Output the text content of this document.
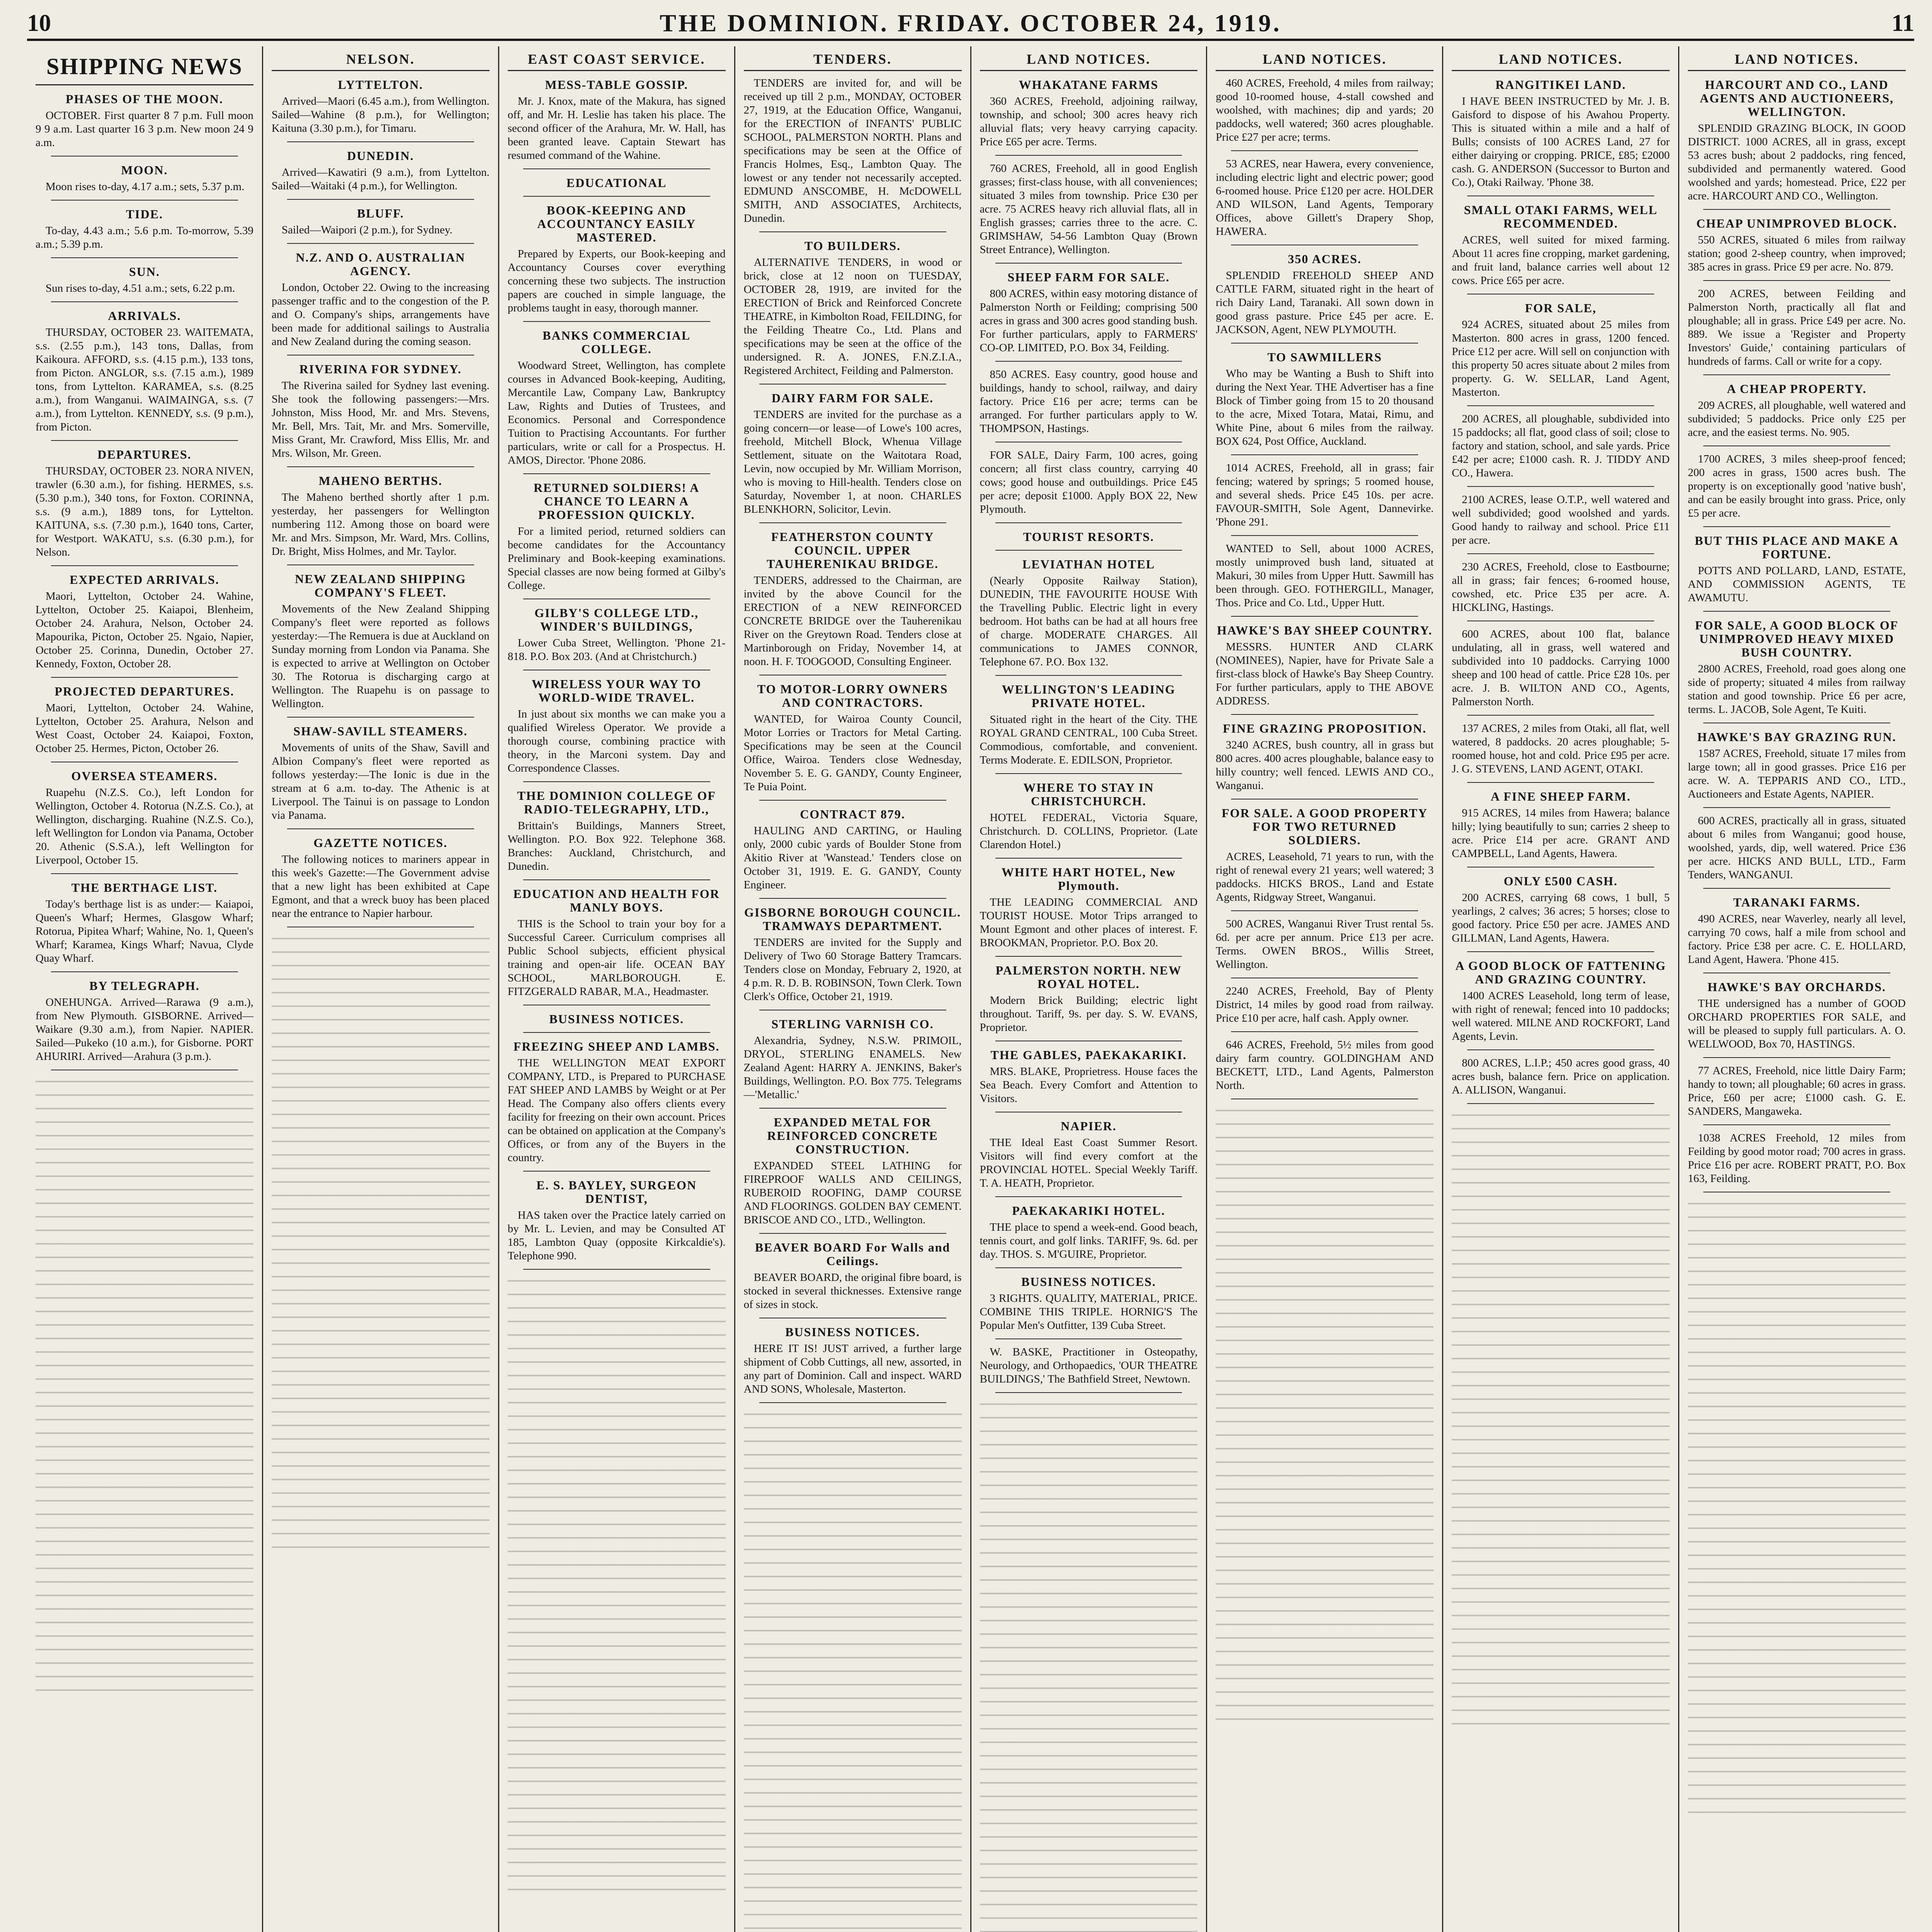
10	THE DOMINION. FRIDAY. OCTOBER 24, 1919.	11
SHIPPING NEWS
PHASES OF THE MOON.
OCTOBER. First quarter 8 7 p.m. Full moon 9 9 a.m. Last quarter 16 3 p.m. New moon 24 9 a.m.
MOON.
Moon rises to-day, 4.17 a.m.; sets, 5.37 p.m.
TIDE.
To-day, 4.43 a.m.; 5.6 p.m. To-morrow, 5.39 a.m.; 5.39 p.m.
SUN.
Sun rises to-day, 4.51 a.m.; sets, 6.22 p.m.
ARRIVALS.
THURSDAY, OCTOBER 23. WAITEMATA, s.s. (2.55 p.m.), 143 tons, Dallas, from Kaikoura. AFFORD, s.s. (4.15 p.m.), 133 tons, from Picton. ANGLOR, s.s. (7.15 a.m.), 1989 tons, from Lyttelton. KARAMEA, s.s. (8.25 a.m.), from Wanganui. WAIMAINGA, s.s. (7 a.m.), from Lyttelton. KENNEDY, s.s. (9 p.m.), from Picton.
DEPARTURES.
THURSDAY, OCTOBER 23. NORA NIVEN, trawler (6.30 a.m.), for fishing. HERMES, s.s. (5.30 p.m.), 340 tons, for Foxton. CORINNA, s.s. (9 a.m.), 1889 tons, for Lyttelton. KAITUNA, s.s. (7.30 p.m.), 1640 tons, Carter, for Westport. WAKATU, s.s. (6.30 p.m.), for Nelson.
EXPECTED ARRIVALS.
Maori, Lyttelton, October 24. Wahine, Lyttelton, October 25. Kaiapoi, Blenheim, October 24. Arahura, Nelson, October 24. Mapourika, Picton, October 25. Ngaio, Napier, October 25. Corinna, Dunedin, October 27. Kennedy, Foxton, October 28.
PROJECTED DEPARTURES.
Maori, Lyttelton, October 24. Wahine, Lyttelton, October 25. Arahura, Nelson and West Coast, October 24. Kaiapoi, Foxton, October 25. Hermes, Picton, October 26.
OVERSEA STEAMERS.
Ruapehu (N.Z.S. Co.), left London for Wellington, October 4. Rotorua (N.Z.S. Co.), at Wellington, discharging. Ruahine (N.Z.S. Co.), left Wellington for London via Panama, October 20. Athenic (S.S.A.), left Wellington for Liverpool, October 15.
THE BERTHAGE LIST.
Today's berthage list is as under:— Kaiapoi, Queen's Wharf; Hermes, Glasgow Wharf; Rotorua, Pipitea Wharf; Wahine, No. 1, Queen's Wharf; Karamea, Kings Wharf; Navua, Clyde Quay Wharf.
BY TELEGRAPH.
ONEHUNGA. Arrived—Rarawa (9 a.m.), from New Plymouth. GISBORNE. Arrived—Waikare (9.30 a.m.), from Napier. NAPIER. Sailed—Pukeko (10 a.m.), for Gisborne. PORT AHURIRI. Arrived—Arahura (3 p.m.).
NELSON.
LYTTELTON.
Arrived—Maori (6.45 a.m.), from Wellington. Sailed—Wahine (8 p.m.), for Wellington; Kaituna (3.30 p.m.), for Timaru.
DUNEDIN.
Arrived—Kawatiri (9 a.m.), from Lyttelton. Sailed—Waitaki (4 p.m.), for Wellington.
BLUFF.
Sailed—Waipori (2 p.m.), for Sydney.
N.Z. AND O. AUSTRALIAN AGENCY.
London, October 22. Owing to the increasing passenger traffic and to the congestion of the P. and O. Company's ships, arrangements have been made for additional sailings to Australia and New Zealand during the coming season.
RIVERINA FOR SYDNEY.
The Riverina sailed for Sydney last evening. She took the following passengers:—Mrs. Johnston, Miss Hood, Mr. and Mrs. Stevens, Mr. Bell, Mrs. Tait, Mr. and Mrs. Somerville, Miss Grant, Mr. Crawford, Miss Ellis, Mr. and Mrs. Wilson, Mr. Green.
MAHENO BERTHS.
The Maheno berthed shortly after 1 p.m. yesterday, her passengers for Wellington numbering 112. Among those on board were Mr. and Mrs. Simpson, Mr. Ward, Mrs. Collins, Dr. Bright, Miss Holmes, and Mr. Taylor.
NEW ZEALAND SHIPPING COMPANY'S FLEET.
Movements of the New Zealand Shipping Company's fleet were reported as follows yesterday:—The Remuera is due at Auckland on Sunday morning from London via Panama. She is expected to arrive at Wellington on October 30. The Rotorua is discharging cargo at Wellington. The Ruapehu is on passage to Wellington.
SHAW-SAVILL STEAMERS.
Movements of units of the Shaw, Savill and Albion Company's fleet were reported as follows yesterday:—The Ionic is due in the stream at 6 a.m. to-day. The Athenic is at Liverpool. The Tainui is on passage to London via Panama.
GAZETTE NOTICES.
The following notices to mariners appear in this week's Gazette:—The Government advise that a new light has been exhibited at Cape Egmont, and that a wreck buoy has been placed near the entrance to Napier harbour.
EAST COAST SERVICE.
MESS-TABLE GOSSIP.
Mr. J. Knox, mate of the Makura, has signed off, and Mr. H. Leslie has taken his place. The second officer of the Arahura, Mr. W. Hall, has been granted leave. Captain Stewart has resumed command of the Wahine.
EDUCATIONAL
BOOK-KEEPING AND ACCOUNTANCY EASILY MASTERED.
Prepared by Experts, our Book-keeping and Accountancy Courses cover everything concerning these two subjects. The instruction papers are couched in simple language, the problems taught in easy, thorough manner.
BANKS COMMERCIAL COLLEGE.
Woodward Street, Wellington, has complete courses in Advanced Book-keeping, Auditing, Mercantile Law, Company Law, Bankruptcy Law, Rights and Duties of Trustees, and Economics. Personal and Correspondence Tuition to Practising Accountants. For further particulars, write or call for a Prospectus. H. AMOS, Director. 'Phone 2086.
RETURNED SOLDIERS! A CHANCE TO LEARN A PROFESSION QUICKLY.
For a limited period, returned soldiers can become candidates for the Accountancy Preliminary and Book-keeping examinations. Special classes are now being formed at Gilby's College.
GILBY'S COLLEGE LTD., WINDER'S BUILDINGS,
Lower Cuba Street, Wellington. 'Phone 21-818. P.O. Box 203. (And at Christchurch.)
WIRELESS YOUR WAY TO WORLD-WIDE TRAVEL.
In just about six months we can make you a qualified Wireless Operator. We provide a thorough course, combining practice with theory, in the Marconi system. Day and Correspondence Classes.
THE DOMINION COLLEGE OF RADIO-TELEGRAPHY, LTD.,
Brittain's Buildings, Manners Street, Wellington. P.O. Box 922. Telephone 368. Branches: Auckland, Christchurch, and Dunedin.
EDUCATION AND HEALTH FOR MANLY BOYS.
THIS is the School to train your boy for a Successful Career. Curriculum comprises all Public School subjects, efficient physical training and open-air life. OCEAN BAY SCHOOL, MARLBOROUGH. E. FITZGERALD RABAR, M.A., Headmaster.
BUSINESS NOTICES.
FREEZING SHEEP AND LAMBS.
THE WELLINGTON MEAT EXPORT COMPANY, LTD., is Prepared to PURCHASE FAT SHEEP AND LAMBS by Weight or at Per Head. The Company also offers clients every facility for freezing on their own account. Prices can be obtained on application at the Company's Offices, or from any of the Buyers in the country.
E. S. BAYLEY, SURGEON DENTIST,
HAS taken over the Practice lately carried on by Mr. L. Levien, and may be Consulted AT 185, Lambton Quay (opposite Kirkcaldie's). Telephone 990.
TENDERS.
TENDERS are invited for, and will be received up till 2 p.m., MONDAY, OCTOBER 27, 1919, at the Education Office, Wanganui, for the ERECTION of INFANTS' PUBLIC SCHOOL, PALMERSTON NORTH. Plans and specifications may be seen at the Office of Francis Holmes, Esq., Lambton Quay. The lowest or any tender not necessarily accepted. EDMUND ANSCOMBE, H. McDOWELL SMITH, AND ASSOCIATES, Architects, Dunedin.
TO BUILDERS.
ALTERNATIVE TENDERS, in wood or brick, close at 12 noon on TUESDAY, OCTOBER 28, 1919, are invited for the ERECTION of Brick and Reinforced Concrete THEATRE, in Kimbolton Road, FEILDING, for the Feilding Theatre Co., Ltd. Plans and specifications may be seen at the office of the undersigned. R. A. JONES, F.N.Z.I.A., Registered Architect, Feilding and Palmerston.
DAIRY FARM FOR SALE.
TENDERS are invited for the purchase as a going concern—or lease—of Lowe's 100 acres, freehold, Mitchell Block, Whenua Village Settlement, situate on the Waitotara Road, Levin, now occupied by Mr. William Morrison, who is moving to Hill-health. Tenders close on Saturday, November 1, at noon. CHARLES BLENKHORN, Solicitor, Levin.
FEATHERSTON COUNTY COUNCIL. UPPER TAUHERENIKAU BRIDGE.
TENDERS, addressed to the Chairman, are invited by the above Council for the ERECTION of a NEW REINFORCED CONCRETE BRIDGE over the Tauherenikau River on the Greytown Road. Tenders close at Martinborough on Friday, November 14, at noon. H. F. TOOGOOD, Consulting Engineer.
TO MOTOR-LORRY OWNERS AND CONTRACTORS.
WANTED, for Wairoa County Council, Motor Lorries or Tractors for Metal Carting. Specifications may be seen at the Council Office, Wairoa. Tenders close Wednesday, November 5. E. G. GANDY, County Engineer, Te Puia Point.
CONTRACT 879.
HAULING AND CARTING, or Hauling only, 2000 cubic yards of Boulder Stone from Akitio River at 'Wanstead.' Tenders close on October 31, 1919. E. G. GANDY, County Engineer.
GISBORNE BOROUGH COUNCIL. TRAMWAYS DEPARTMENT.
TENDERS are invited for the Supply and Delivery of Two 60 Storage Battery Tramcars. Tenders close on Monday, February 2, 1920, at 4 p.m. R. D. B. ROBINSON, Town Clerk. Town Clerk's Office, October 21, 1919.
STERLING VARNISH CO.
Alexandria, Sydney, N.S.W. PRIMOIL, DRYOL, STERLING ENAMELS. New Zealand Agent: HARRY A. JENKINS, Baker's Buildings, Wellington. P.O. Box 775. Telegrams—'Metallic.'
EXPANDED METAL FOR REINFORCED CONCRETE CONSTRUCTION.
EXPANDED STEEL LATHING for FIREPROOF WALLS AND CEILINGS, RUBEROID ROOFING, DAMP COURSE AND FLOORINGS. GOLDEN BAY CEMENT. BRISCOE AND CO., LTD., Wellington.
BEAVER BOARD For Walls and Ceilings.
BEAVER BOARD, the original fibre board, is stocked in several thicknesses. Extensive range of sizes in stock.
BUSINESS NOTICES.
HERE IT IS! JUST arrived, a further large shipment of Cobb Cuttings, all new, assorted, in any part of Dominion. Call and inspect. WARD AND SONS, Wholesale, Masterton.
LAND NOTICES.
WHAKATANE FARMS
360 ACRES, Freehold, adjoining railway, township, and school; 300 acres heavy rich alluvial flats; very heavy carrying capacity. Price £65 per acre. Terms.
760 ACRES, Freehold, all in good English grasses; first-class house, with all conveniences; situated 3 miles from township. Price £30 per acre. 75 ACRES heavy rich alluvial flats, all in English grasses; carries three to the acre. C. GRIMSHAW, 54-56 Lambton Quay (Brown Street Entrance), Wellington.
SHEEP FARM FOR SALE.
800 ACRES, within easy motoring distance of Palmerston North or Feilding; comprising 500 acres in grass and 300 acres good standing bush. For further particulars, apply to FARMERS' CO-OP. LIMITED, P.O. Box 34, Feilding.
850 ACRES. Easy country, good house and buildings, handy to school, railway, and dairy factory. Price £16 per acre; terms can be arranged. For further particulars apply to W. THOMPSON, Hastings.
FOR SALE, Dairy Farm, 100 acres, going concern; all first class country, carrying 40 cows; good house and outbuildings. Price £45 per acre; deposit £1000. Apply BOX 22, New Plymouth.
TOURIST RESORTS.
LEVIATHAN HOTEL
(Nearly Opposite Railway Station), DUNEDIN, THE FAVOURITE HOUSE With the Travelling Public. Electric light in every bedroom. Hot baths can be had at all hours free of charge. MODERATE CHARGES. All communications to JAMES CONNOR, Telephone 67. P.O. Box 132.
WELLINGTON'S LEADING PRIVATE HOTEL.
Situated right in the heart of the City. THE ROYAL GRAND CENTRAL, 100 Cuba Street. Commodious, comfortable, and convenient. Terms Moderate. E. EDILSON, Proprietor.
WHERE TO STAY IN CHRISTCHURCH.
HOTEL FEDERAL, Victoria Square, Christchurch. D. COLLINS, Proprietor. (Late Clarendon Hotel.)
WHITE HART HOTEL, New Plymouth.
THE LEADING COMMERCIAL AND TOURIST HOUSE. Motor Trips arranged to Mount Egmont and other places of interest. F. BROOKMAN, Proprietor. P.O. Box 20.
PALMERSTON NORTH. NEW ROYAL HOTEL.
Modern Brick Building; electric light throughout. Tariff, 9s. per day. S. W. EVANS, Proprietor.
THE GABLES, PAEKAKARIKI.
MRS. BLAKE, Proprietress. House faces the Sea Beach. Every Comfort and Attention to Visitors.
NAPIER.
THE Ideal East Coast Summer Resort. Visitors will find every comfort at the PROVINCIAL HOTEL. Special Weekly Tariff. T. A. HEATH, Proprietor.
PAEKAKARIKI HOTEL.
THE place to spend a week-end. Good beach, tennis court, and golf links. TARIFF, 9s. 6d. per day. THOS. S. M'GUIRE, Proprietor.
BUSINESS NOTICES.
3 RIGHTS. QUALITY, MATERIAL, PRICE. COMBINE THIS TRIPLE. HORNIG'S The Popular Men's Outfitter, 139 Cuba Street.
W. BASKE, Practitioner in Osteopathy, Neurology, and Orthopaedics, 'OUR THEATRE BUILDINGS,' The Bathfield Street, Newtown.
LAND NOTICES.
460 ACRES, Freehold, 4 miles from railway; good 10-roomed house, 4-stall cowshed and woolshed, with machines; dip and yards; 20 paddocks, well watered; 360 acres ploughable. Price £27 per acre; terms.
53 ACRES, near Hawera, every convenience, including electric light and electric power; good 6-roomed house. Price £120 per acre. HOLDER AND WILSON, Land Agents, Temporary Offices, above Gillett's Drapery Shop, HAWERA.
350 ACRES.
SPLENDID FREEHOLD SHEEP AND CATTLE FARM, situated right in the heart of rich Dairy Land, Taranaki. All sown down in good grass pasture. Price £45 per acre. E. JACKSON, Agent, NEW PLYMOUTH.
TO SAWMILLERS
Who may be Wanting a Bush to Shift into during the Next Year. THE Advertiser has a fine Block of Timber going from 15 to 20 thousand to the acre, Mixed Totara, Matai, Rimu, and White Pine, about 6 miles from the railway. BOX 624, Post Office, Auckland.
1014 ACRES, Freehold, all in grass; fair fencing; watered by springs; 5 roomed house, and several sheds. Price £45 10s. per acre. FAVOUR-SMITH, Sole Agent, Dannevirke. 'Phone 291.
WANTED to Sell, about 1000 ACRES, mostly unimproved bush land, situated at Makuri, 30 miles from Upper Hutt. Sawmill has been through. GEO. FOTHERGILL, Manager, Thos. Price and Co. Ltd., Upper Hutt.
HAWKE'S BAY SHEEP COUNTRY.
MESSRS. HUNTER AND CLARK (NOMINEES), Napier, have for Private Sale a first-class block of Hawke's Bay Sheep Country. For further particulars, apply to THE ABOVE ADDRESS.
FINE GRAZING PROPOSITION.
3240 ACRES, bush country, all in grass but 800 acres. 400 acres ploughable, balance easy to hilly country; well fenced. LEWIS AND CO., Wanganui.
FOR SALE. A GOOD PROPERTY FOR TWO RETURNED SOLDIERS.
ACRES, Leasehold, 71 years to run, with the right of renewal every 21 years; well watered; 3 paddocks. HICKS BROS., Land and Estate Agents, Ridgway Street, Wanganui.
500 ACRES, Wanganui River Trust rental 5s. 6d. per acre per annum. Price £13 per acre. Terms. OWEN BROS., Willis Street, Wellington.
2240 ACRES, Freehold, Bay of Plenty District, 14 miles by good road from railway. Price £10 per acre, half cash. Apply owner.
646 ACRES, Freehold, 5½ miles from good dairy farm country. GOLDINGHAM AND BECKETT, LTD., Land Agents, Palmerston North.
LAND NOTICES.
RANGITIKEI LAND.
I HAVE BEEN INSTRUCTED by Mr. J. B. Gaisford to dispose of his Awahou Property. This is situated within a mile and a half of Bulls; consists of 100 ACRES Land, 27 for either dairying or cropping. PRICE, £85; £2000 cash. G. ANDERSON (Successor to Burton and Co.), Otaki Railway. 'Phone 38.
SMALL OTAKI FARMS, WELL RECOMMENDED.
ACRES, well suited for mixed farming. About 11 acres fine cropping, market gardening, and fruit land, balance carries well about 12 cows. Price £65 per acre.
FOR SALE,
924 ACRES, situated about 25 miles from Masterton. 800 acres in grass, 1200 fenced. Price £12 per acre. Will sell on conjunction with this property 50 acres situate about 2 miles from property. G. W. SELLAR, Land Agent, Masterton.
200 ACRES, all ploughable, subdivided into 15 paddocks; all flat, good class of soil; close to factory and station, school, and sale yards. Price £42 per acre; £1000 cash. R. J. TIDDY AND CO., Hawera.
2100 ACRES, lease O.T.P., well watered and well subdivided; good woolshed and yards. Good handy to railway and school. Price £11 per acre.
230 ACRES, Freehold, close to Eastbourne; all in grass; fair fences; 6-roomed house, cowshed, etc. Price £35 per acre. A. HICKLING, Hastings.
600 ACRES, about 100 flat, balance undulating, all in grass, well watered and subdivided into 10 paddocks. Carrying 1000 sheep and 100 head of cattle. Price £28 10s. per acre. J. B. WILTON AND CO., Agents, Palmerston North.
137 ACRES, 2 miles from Otaki, all flat, well watered, 8 paddocks. 20 acres ploughable; 5-roomed house, hot and cold. Price £95 per acre. J. G. STEVENS, LAND AGENT, OTAKI.
A FINE SHEEP FARM.
915 ACRES, 14 miles from Hawera; balance hilly; lying beautifully to sun; carries 2 sheep to acre. Price £14 per acre. GRANT AND CAMPBELL, Land Agents, Hawera.
ONLY £500 CASH.
200 ACRES, carrying 68 cows, 1 bull, 5 yearlings, 2 calves; 36 acres; 5 horses; close to good factory. Price £50 per acre. JAMES AND GILLMAN, Land Agents, Hawera.
A GOOD BLOCK OF FATTENING AND GRAZING COUNTRY.
1400 ACRES Leasehold, long term of lease, with right of renewal; fenced into 10 paddocks; well watered. MILNE AND ROCKFORT, Land Agents, Levin.
800 ACRES, L.I.P.; 450 acres good grass, 40 acres bush, balance fern. Price on application. A. ALLISON, Wanganui.
LAND NOTICES.
HARCOURT AND CO., LAND AGENTS AND AUCTIONEERS, WELLINGTON.
SPLENDID GRAZING BLOCK, IN GOOD DISTRICT. 1000 ACRES, all in grass, except 53 acres bush; about 2 paddocks, ring fenced, subdivided and permanently watered. Good woolshed and yards; homestead. Price, £22 per acre. HARCOURT AND CO., Wellington.
CHEAP UNIMPROVED BLOCK.
550 ACRES, situated 6 miles from railway station; good 2-sheep country, when improved; 385 acres in grass. Price £9 per acre. No. 879.
200 ACRES, between Feilding and Palmerston North, practically all flat and ploughable; all in grass. Price £49 per acre. No. 889. We issue a 'Register and Property Investors' Guide,' containing particulars of hundreds of farms. Call or write for a copy.
A CHEAP PROPERTY.
209 ACRES, all ploughable, well watered and subdivided; 5 paddocks. Price only £25 per acre, and the easiest terms. No. 905.
1700 ACRES, 3 miles sheep-proof fenced; 200 acres in grass, 1500 acres bush. The property is on exceptionally good 'native bush', and can be easily brought into grass. Price, only £5 per acre.
BUT THIS PLACE AND MAKE A FORTUNE.
POTTS AND POLLARD, LAND, ESTATE, AND COMMISSION AGENTS, TE AWAMUTU.
FOR SALE, A GOOD BLOCK OF UNIMPROVED HEAVY MIXED BUSH COUNTRY.
2800 ACRES, Freehold, road goes along one side of property; situated 4 miles from railway station and good township. Price £6 per acre, terms. L. JACOB, Sole Agent, Te Kuiti.
HAWKE'S BAY GRAZING RUN.
1587 ACRES, Freehold, situate 17 miles from large town; all in good grasses. Price £16 per acre. W. A. TEPPARIS AND CO., LTD., Auctioneers and Estate Agents, NAPIER.
600 ACRES, practically all in grass, situated about 6 miles from Wanganui; good house, woolshed, yards, dip, well watered. Price £36 per acre. HICKS AND BULL, LTD., Farm Tenders, WANGANUI.
TARANAKI FARMS.
490 ACRES, near Waverley, nearly all level, carrying 70 cows, half a mile from school and factory. Price £38 per acre. C. E. HOLLARD, Land Agent, Hawera. 'Phone 415.
HAWKE'S BAY ORCHARDS.
THE undersigned has a number of GOOD ORCHARD PROPERTIES FOR SALE, and will be pleased to supply full particulars. A. O. WELLWOOD, Box 70, HASTINGS.
77 ACRES, Freehold, nice little Dairy Farm; handy to town; all ploughable; 60 acres in grass. Price, £60 per acre; £1000 cash. G. E. SANDERS, Mangaweka.
1038 ACRES Freehold, 12 miles from Feilding by good motor road; 700 acres in grass. Price £16 per acre. ROBERT PRATT, P.O. Box 163, Feilding.
